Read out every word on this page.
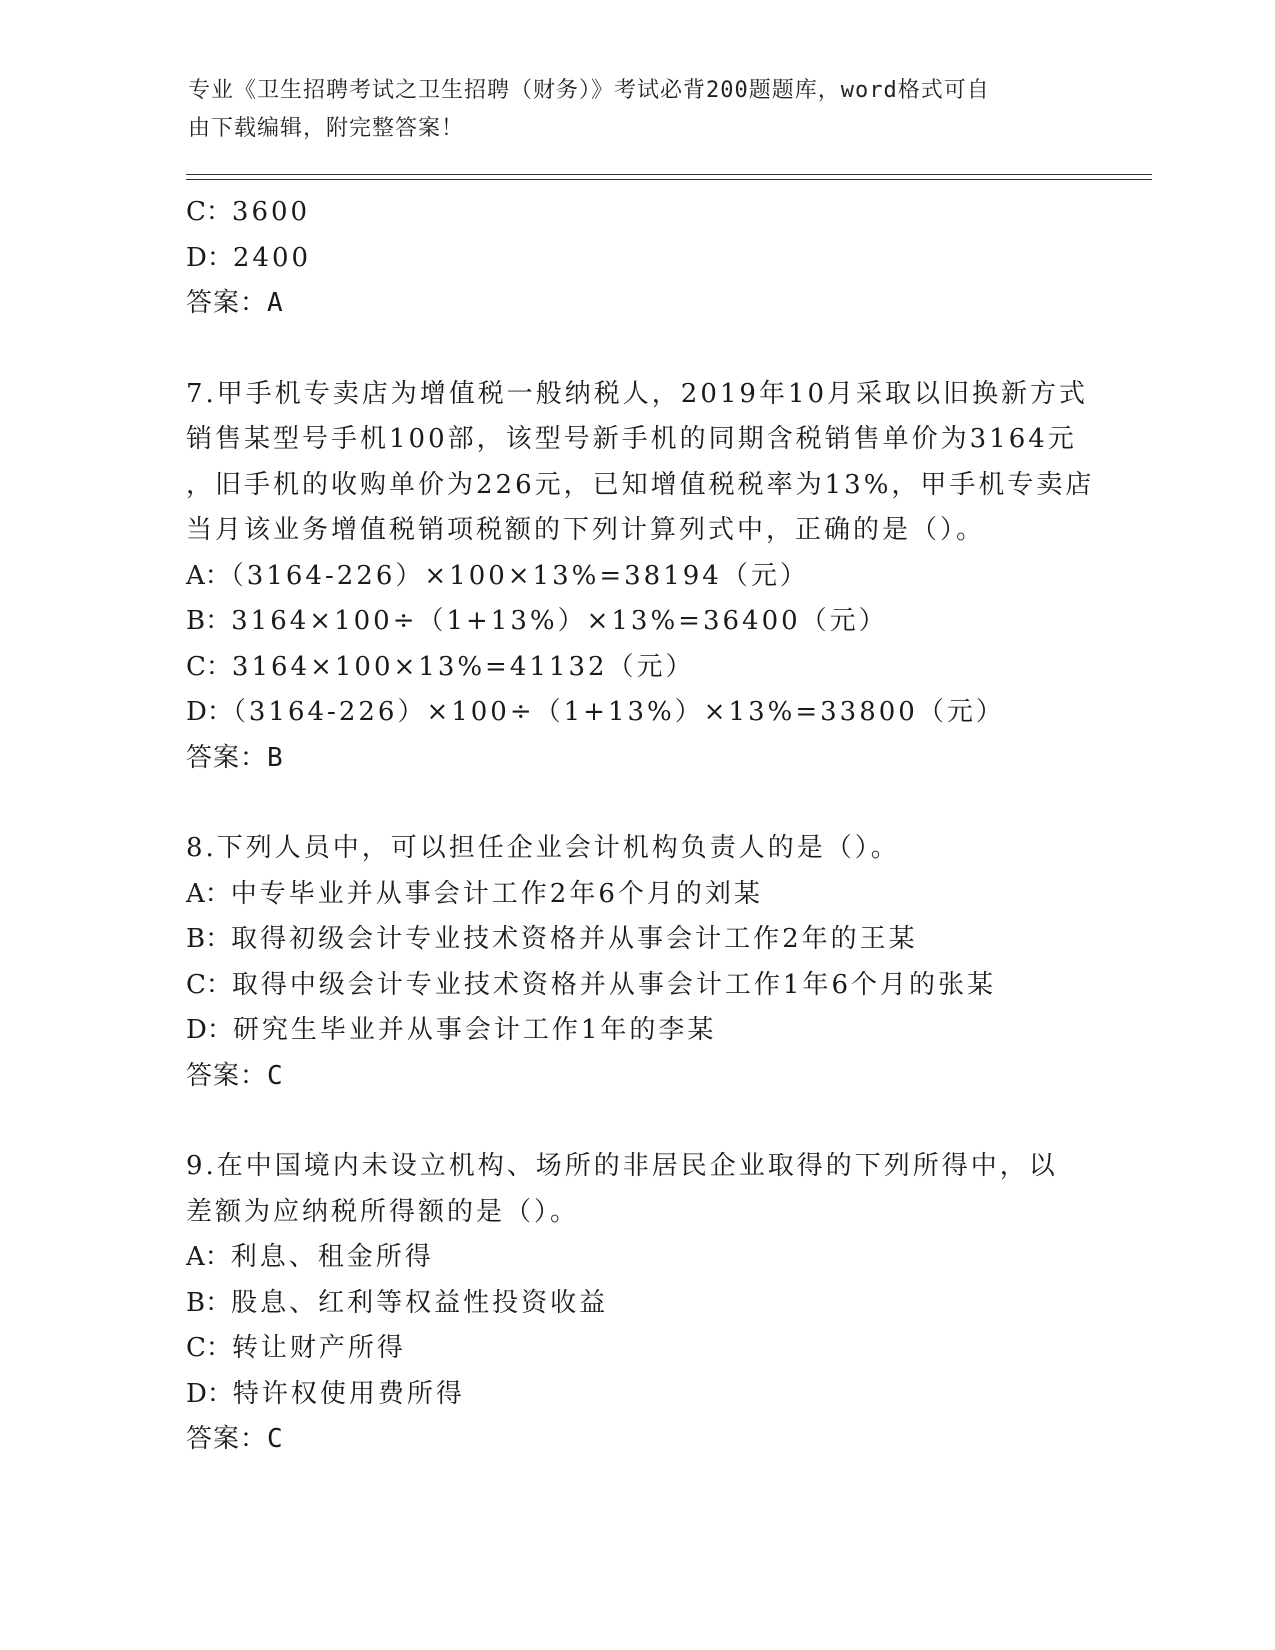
专业《卫生招聘考试之卫生招聘（财务）》考试必背200题题库，word格式可自
由下载编辑，附完整答案！
C：3600
D：2400
答案：A
7.甲手机专卖店为增值税一般纳税人，2019年10月采取以旧换新方式
销售某型号手机100部，该型号新手机的同期含税销售单价为3164元
，旧手机的收购单价为226元，已知增值税税率为13%，甲手机专卖店
当月该业务增值税销项税额的下列计算列式中，正确的是（）。
A：（3164-226）×100×13%=38194（元）
B：3164×100÷（1+13%）×13%=36400（元）
C：3164×100×13%=41132（元）
D：（3164-226）×100÷（1+13%）×13%=33800（元）
答案：B
8.下列人员中，可以担任企业会计机构负责人的是（）。
A：中专毕业并从事会计工作2年6个月的刘某
B：取得初级会计专业技术资格并从事会计工作2年的王某
C：取得中级会计专业技术资格并从事会计工作1年6个月的张某
D：研究生毕业并从事会计工作1年的李某
答案：C
9.在中国境内未设立机构、场所的非居民企业取得的下列所得中，以
差额为应纳税所得额的是（）。
A：利息、租金所得
B：股息、红利等权益性投资收益
C：转让财产所得
D：特许权使用费所得
答案：C
